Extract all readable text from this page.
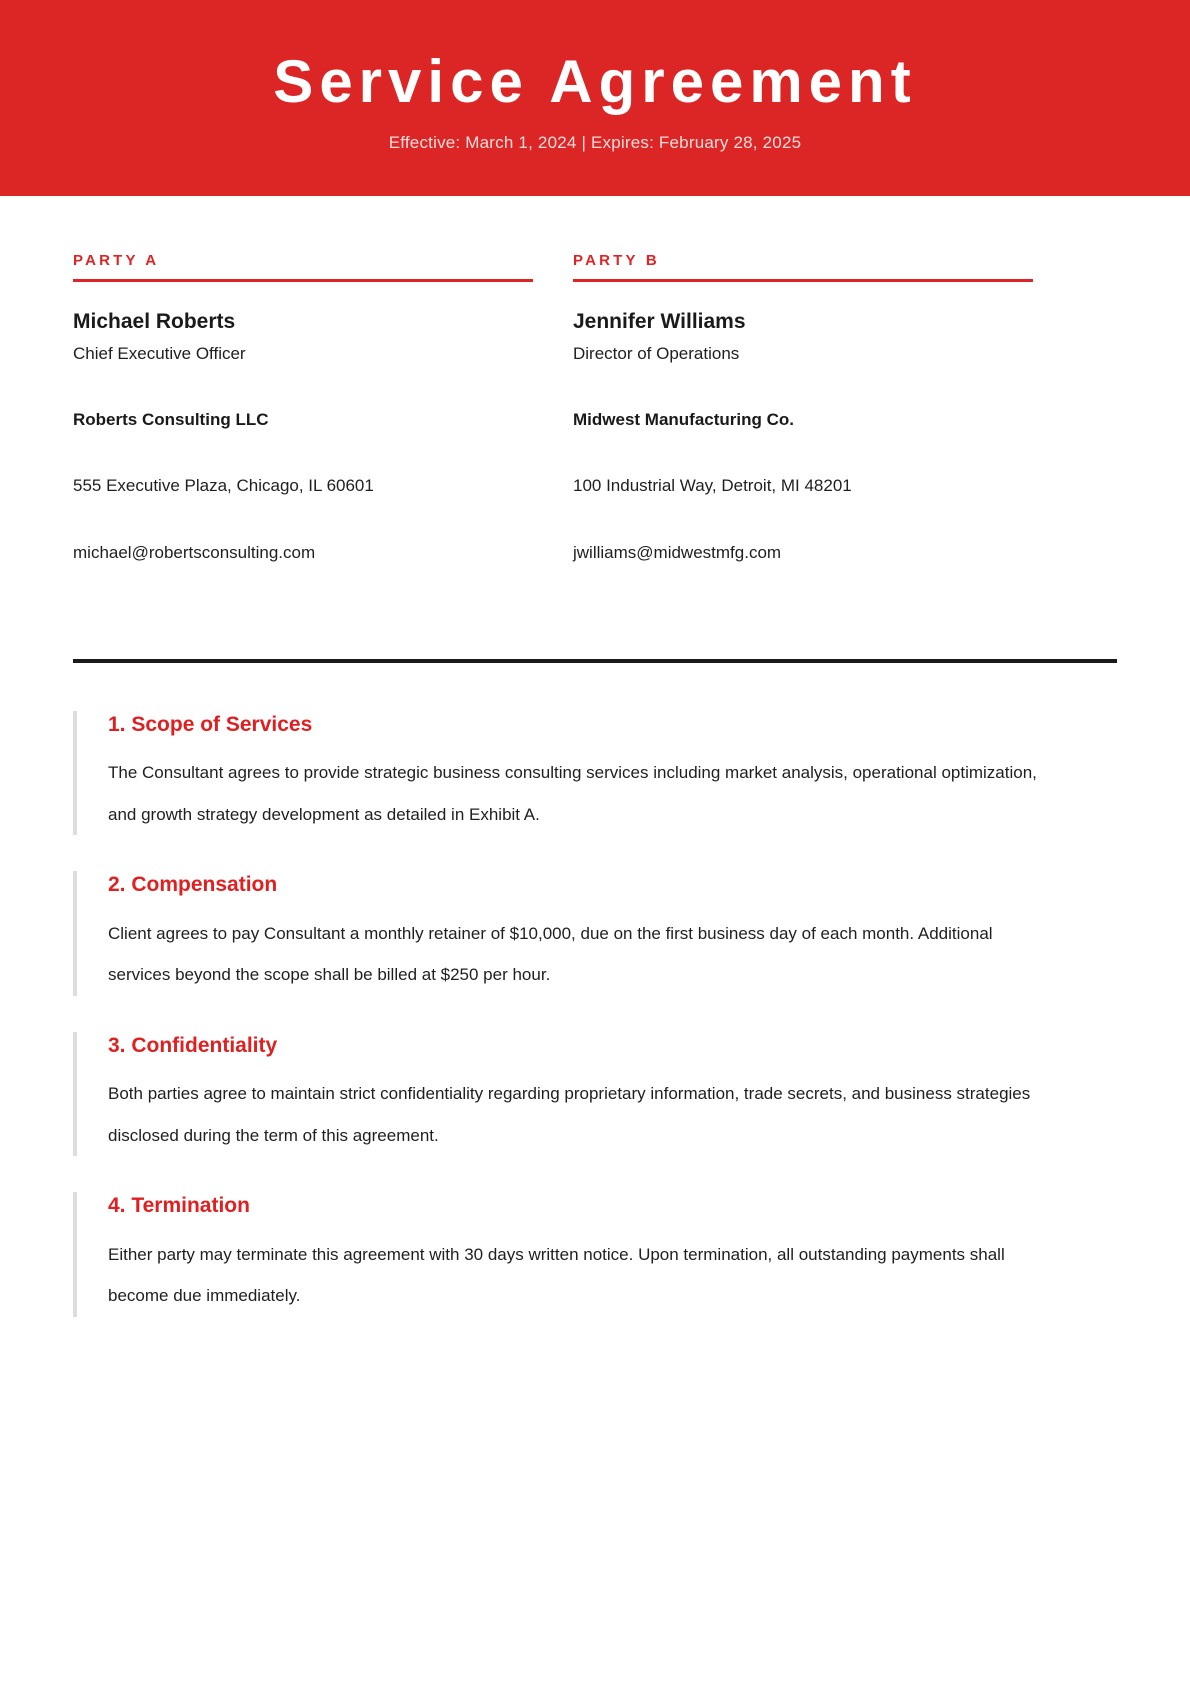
Service Agreement
Effective: March 1, 2024 | Expires: February 28, 2025
PARTY A
Michael Roberts
Chief Executive Officer
Roberts Consulting LLC
555 Executive Plaza, Chicago, IL 60601
michael@robertsconsulting.com
PARTY B
Jennifer Williams
Director of Operations
Midwest Manufacturing Co.
100 Industrial Way, Detroit, MI 48201
jwilliams@midwestmfg.com
1. Scope of Services

The Consultant agrees to provide strategic business consulting services including market analysis, operational optimization, and growth strategy development as detailed in Exhibit A.

2. Compensation

Client agrees to pay Consultant a monthly retainer of $10,000, due on the first business day of each month. Additional services beyond the scope shall be billed at $250 per hour.

3. Confidentiality

Both parties agree to maintain strict confidentiality regarding proprietary information, trade secrets, and business strategies disclosed during the term of this agreement.

4. Termination

Either party may terminate this agreement with 30 days written notice. Upon termination, all outstanding payments shall become due immediately.
